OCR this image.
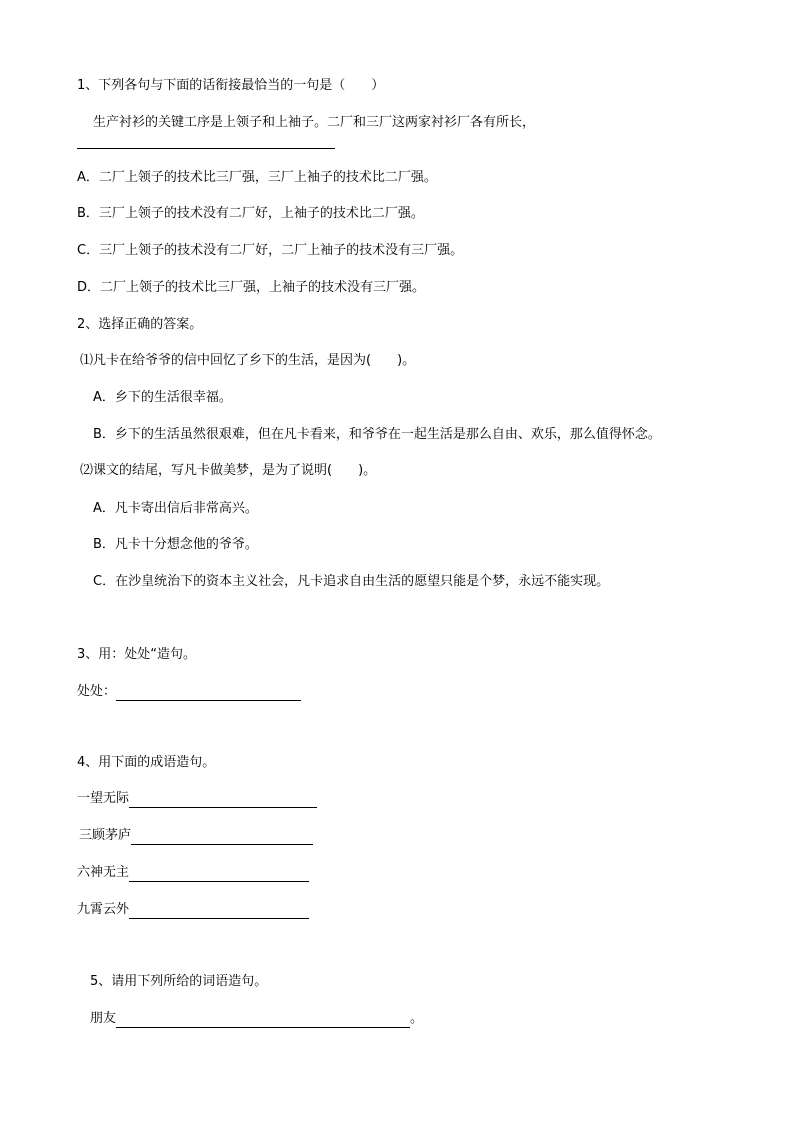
1、下列各句与下面的话衔接最恰当的一句是（　　）
生产衬衫的关键工序是上领子和上袖子。二厂和三厂这两家衬衫厂各有所长，
A．二厂上领子的技术比三厂强，三厂上袖子的技术比二厂强。
B．三厂上领子的技术没有二厂好，上袖子的技术比二厂强。
C．三厂上领子的技术没有二厂好，二厂上袖子的技术没有三厂强。
D．二厂上领子的技术比三厂强，上袖子的技术没有三厂强。
2、选择正确的答案。
⑴凡卡在给爷爷的信中回忆了乡下的生活，是因为(　　)。
A．乡下的生活很幸福。
B．乡下的生活虽然很艰难，但在凡卡看来，和爷爷在一起生活是那么自由、欢乐，那么值得怀念。
⑵课文的结尾，写凡卡做美梦，是为了说明(　　)。
A．凡卡寄出信后非常高兴。
B．凡卡十分想念他的爷爷。
C．在沙皇统治下的资本主义社会，凡卡追求自由生活的愿望只能是个梦，永远不能实现。
3、用：处处“造句。
处处：
4、用下面的成语造句。
一望无际
三顾茅庐
六神无主
九霄云外
5、请用下列所给的词语造句。
朋友	。
